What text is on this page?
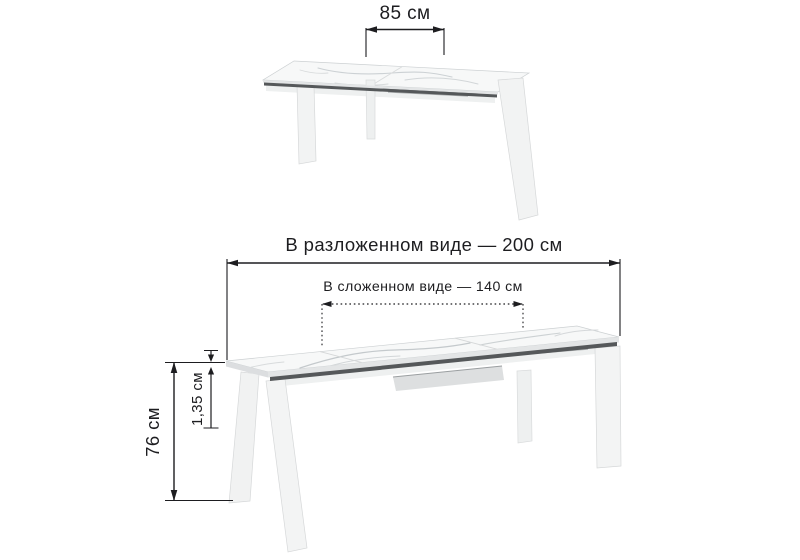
85 см
В разложенном виде — 200 см
В сложенном виде — 140 см
76 см
1,35 см
